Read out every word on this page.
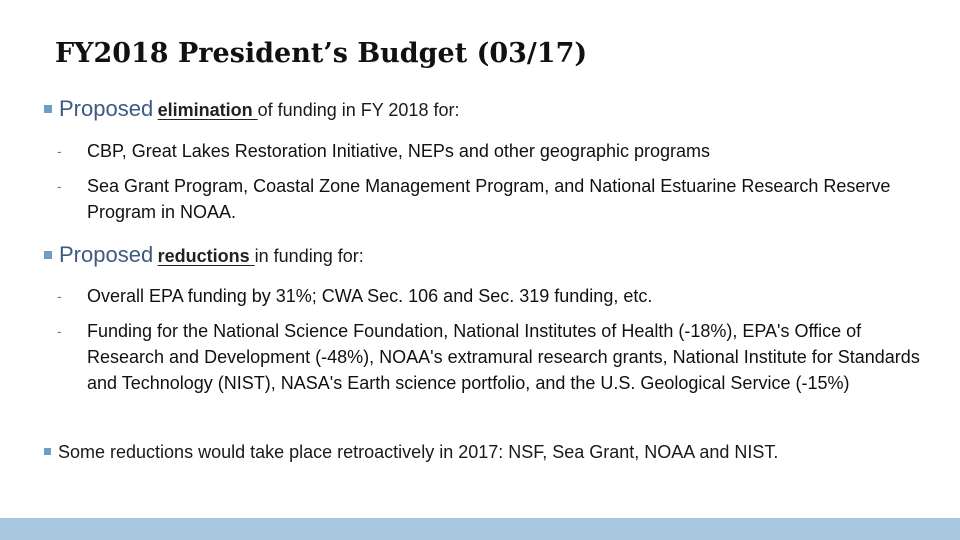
FY2018 President’s Budget (03/17)
Proposed elimination of funding in FY 2018 for:
- CBP, Great Lakes Restoration Initiative, NEPs and other geographic programs
- Sea Grant Program, Coastal Zone Management Program, and National Estuarine Research Reserve Program in NOAA.
Proposed reductions in funding for:
- Overall EPA funding by 31%; CWA Sec. 106 and Sec. 319 funding, etc.
- Funding for the National Science Foundation, National Institutes of Health (-18%), EPA's Office of Research and Development (-48%), NOAA's extramural research grants, National Institute for Standards and Technology (NIST), NASA's Earth science portfolio, and the U.S. Geological Service (-15%)
Some reductions would take place retroactively in 2017: NSF, Sea Grant, NOAA and NIST.
